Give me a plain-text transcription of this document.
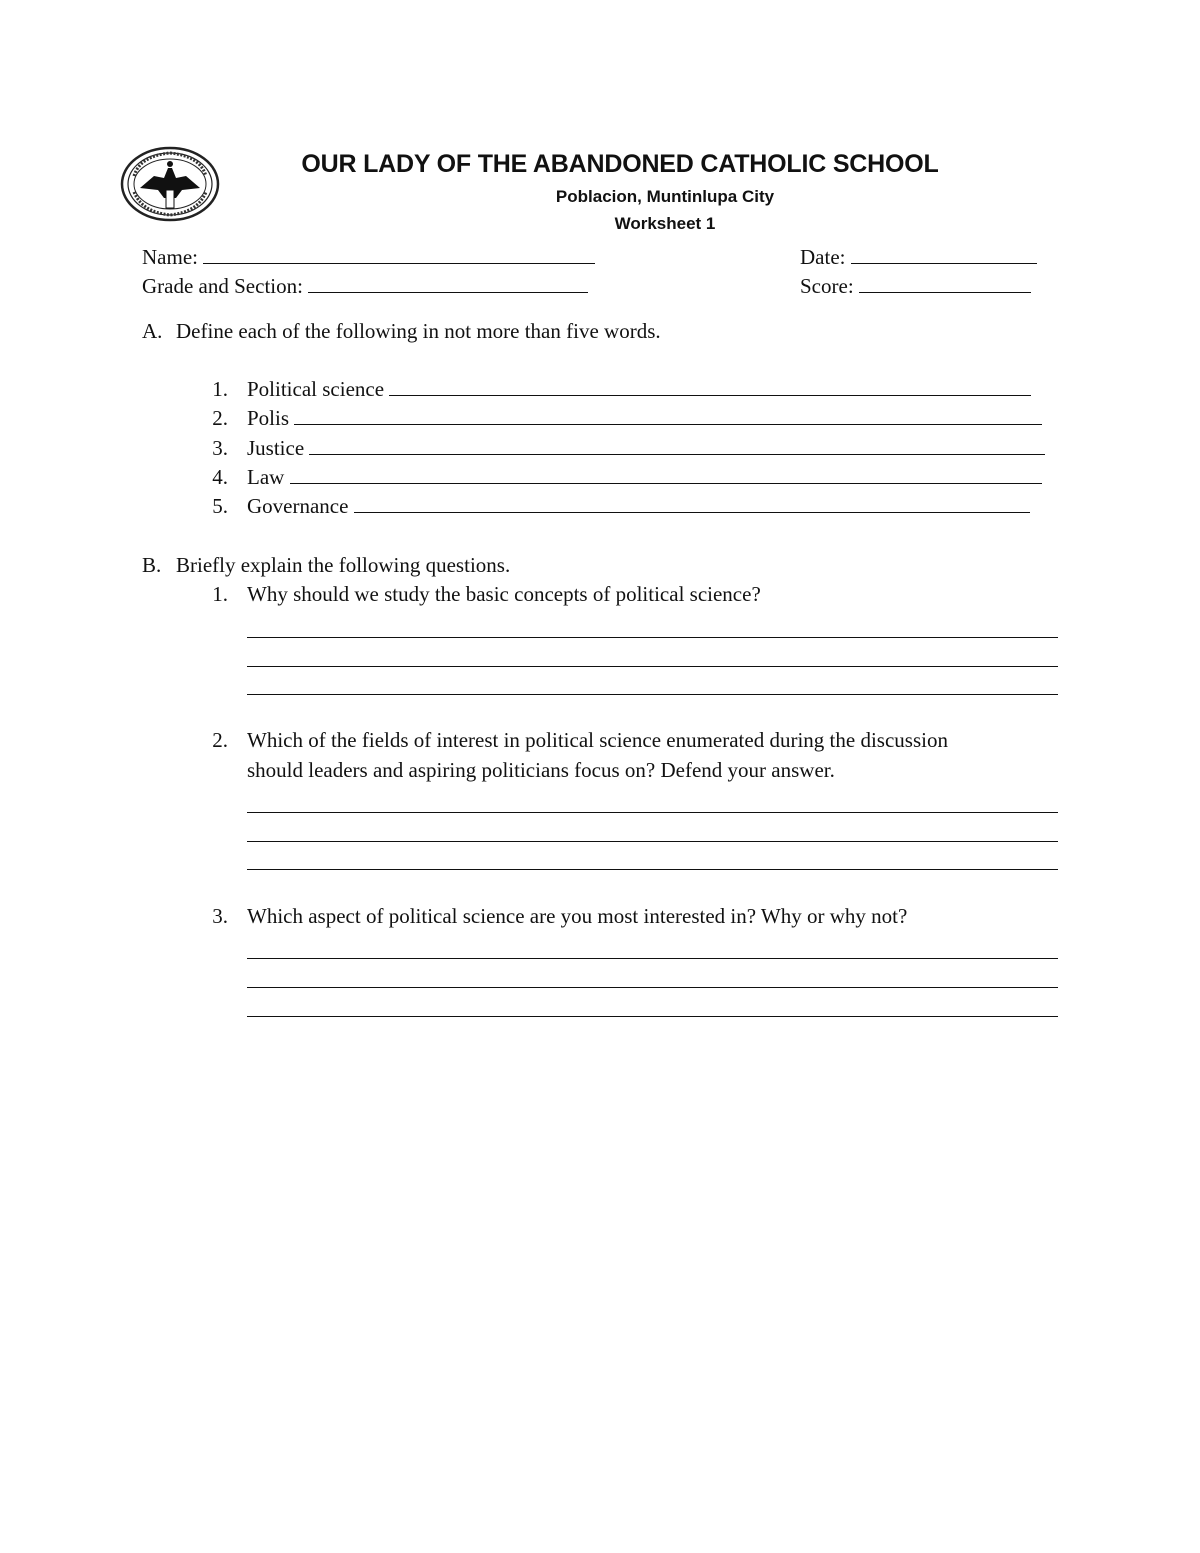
OUR LADY OF THE ABANDONED CATHOLIC SCHOOL
Poblacion, Muntinlupa City
Worksheet 1
Name:	Date:
Grade and Section:	Score:
A. Define each of the following in not more than five words.
1. Political science
2. Polis
3. Justice
4. Law
5. Governance
B. Briefly explain the following questions.
1. Why should we study the basic concepts of political science?
2. Which of the fields of interest in political science enumerated during the discussion
should leaders and aspiring politicians focus on? Defend your answer.
3. Which aspect of political science are you most interested in? Why or why not?
